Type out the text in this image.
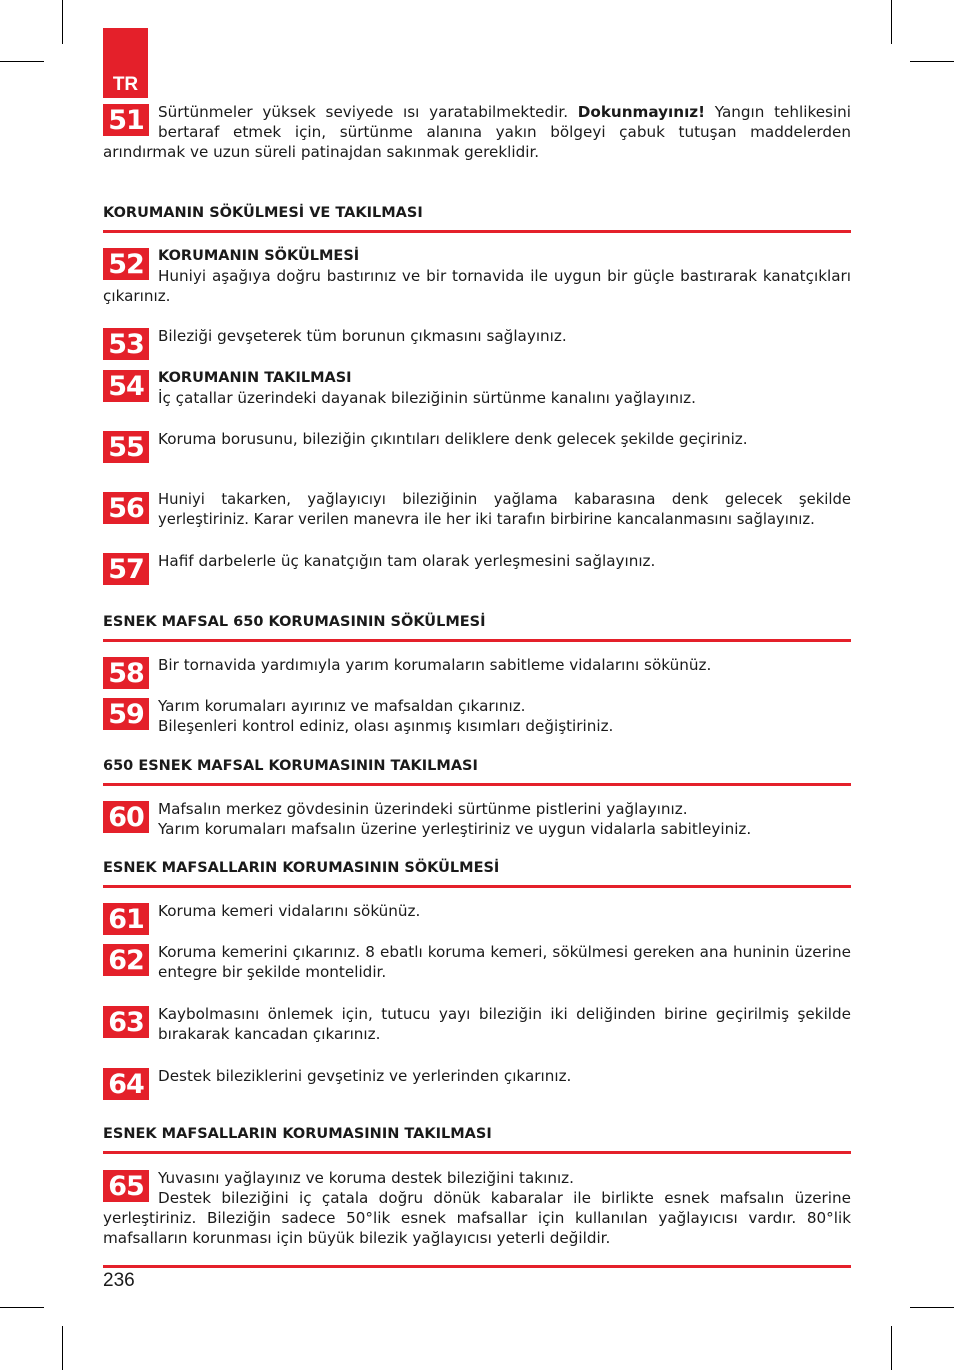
TR
51 Sürtünmeler yüksek seviyede ısı yaratabilmektedir. Dokunmayınız! Yangın tehlikesini bertaraf etmek için, sürtünme alanına yakın bölgeyi çabuk tutuşan maddelerden arındırmak ve uzun süreli patinajdan sakınmak gereklidir.
KORUMANIN SÖKÜLMESİ VE TAKILMASI
52 KORUMANIN SÖKÜLMESİ
Huniyi aşağıya doğru bastırınız ve bir tornavida ile uygun bir güçle bastırarak kanatçıkları çıkarınız.
53 Bileziği gevşeterek tüm borunun çıkmasını sağlayınız.
54 KORUMANIN TAKILMASI
İç çatallar üzerindeki dayanak bileziğinin sürtünme kanalını yağlayınız.
55 Koruma borusunu, bileziğin çıkıntıları deliklere denk gelecek şekilde geçiriniz.
56 Huniyi takarken, yağlayıcıyı bileziğinin yağlama kabarasına denk gelecek şekilde yerleştiriniz. Karar verilen manevra ile her iki tarafın birbirine kancalanmasını sağlayınız.
57 Hafif darbelerle üç kanatçığın tam olarak yerleşmesini sağlayınız.
ESNEK MAFSAL 650 KORUMASININ SÖKÜLMESİ
58 Bir tornavida yardımıyla yarım korumaların sabitleme vidalarını sökünüz.
59 Yarım korumaları ayırınız ve mafsaldan çıkarınız.
Bileşenleri kontrol ediniz, olası aşınmış kısımları değiştiriniz.
650 ESNEK MAFSAL KORUMASININ TAKILMASI
60 Mafsalın merkez gövdesinin üzerindeki sürtünme pistlerini yağlayınız.
Yarım korumaları mafsalın üzerine yerleştiriniz ve uygun vidalarla sabitleyiniz.
ESNEK MAFSALLARIN KORUMASININ SÖKÜLMESİ
61 Koruma kemeri vidalarını sökünüz.
62 Koruma kemerini çıkarınız. 8 ebatlı koruma kemeri, sökülmesi gereken ana huninin üzerine entegre bir şekilde montelidir.
63 Kaybolmasını önlemek için, tutucu yayı bileziğin iki deliğinden birine geçirilmiş şekilde bırakarak kancadan çıkarınız.
64 Destek bileziklerini gevşetiniz ve yerlerinden çıkarınız.
ESNEK MAFSALLARIN KORUMASININ TAKILMASI
65 Yuvasını yağlayınız ve koruma destek bileziğini takınız.
Destek bileziğini iç çatala doğru dönük kabaralar ile birlikte esnek mafsalın üzerine yerleştiriniz. Bileziğin sadece 50°lik esnek mafsallar için kullanılan yağlayıcısı vardır. 80°lik mafsalların korunması için büyük bilezik yağlayıcısı yeterli değildir.
236
